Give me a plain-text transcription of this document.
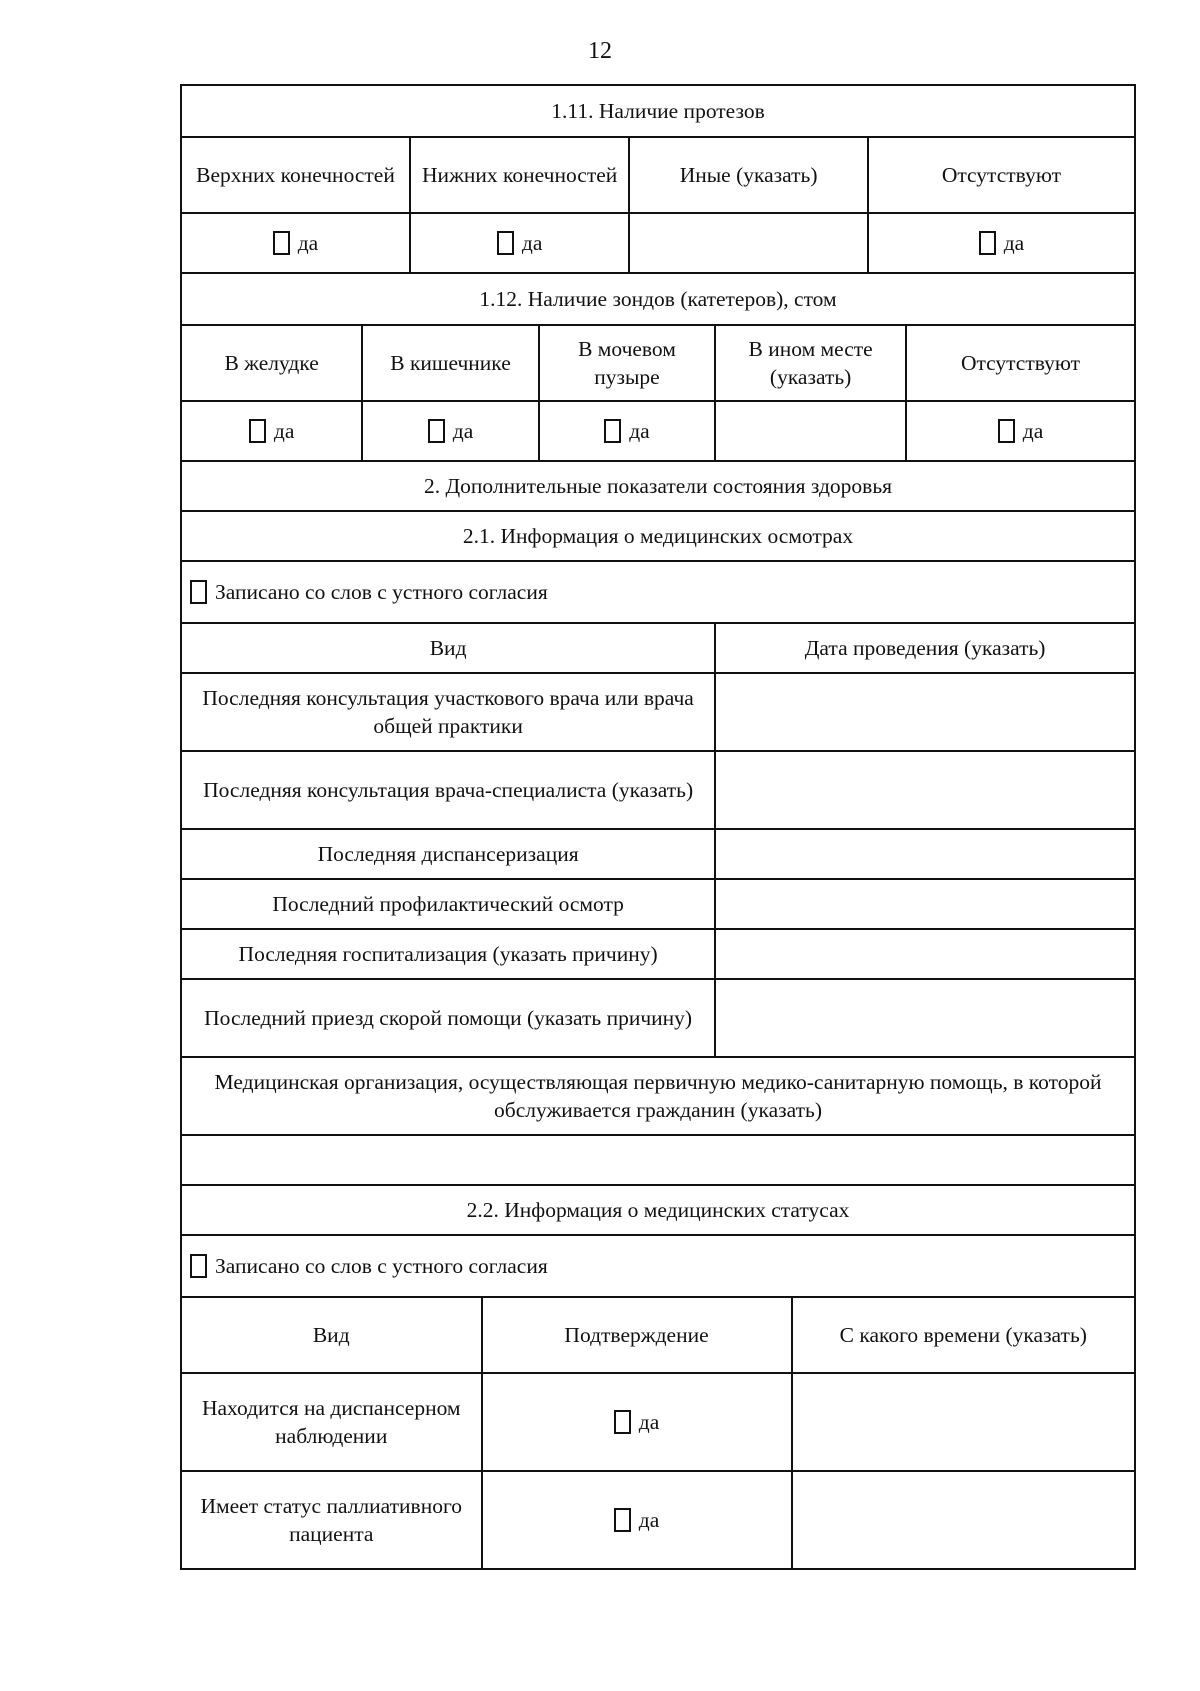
12
1.11. Наличие протезов			
Верхних конечностей	Нижних конечностей	Иные (указать)	Отсутствуют
да	да		да
1.12. Наличие зондов (катетеров), стом				
В желудке	В кишечнике	В мочевом пузыре	В ином месте (указать)	Отсутствуют
да	да	да		да
2. Дополнительные показатели состояния здоровья	
2.1. Информация о медицинских осмотрах	
Записано со слов с устного согласия	
Вид	Дата проведения (указать)
Последняя консультация участкового врача или врача общей практики	
Последняя консультация врача-специалиста (указать)	
Последняя диспансеризация	
Последний профилактический осмотр	
Последняя госпитализация (указать причину)	
Последний приезд скорой помощи (указать причину)	
Медицинская организация, осуществляющая первичную медико-санитарную помощь, в которой обслуживается гражданин (указать)	

2.2. Информация о медицинских статусах		
Записано со слов с устного согласия		
Вид	Подтверждение	С какого времени (указать)
Находится на диспансерном наблюдении	да	
Имеет статус паллиативного пациента	да	
